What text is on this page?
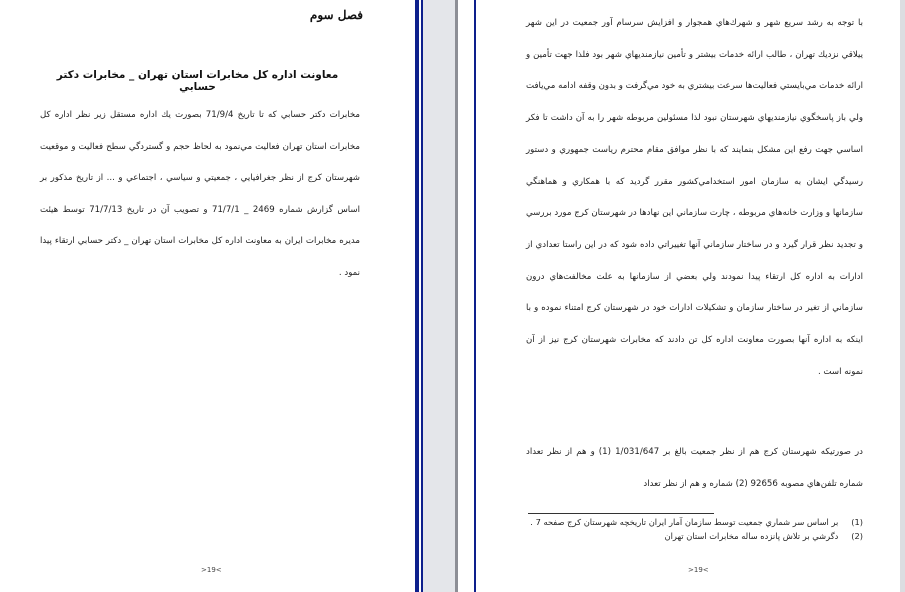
فصل سوم
معاونت اداره كل مخابرات استان تهران _ مخابرات دكتر حسابي
مخابرات دكتر حسابي كه تا تاريخ 71/9/4 بصورت يك اداره مستقل زير نظر اداره كل مخابرات استان تهران فعاليت مي‌نمود به لحاظ حجم و گستردگي سطح فعاليت و موقعيت شهرستان كرج از نظر جغرافيايي ، جمعيتي و سياسي ، اجتماعي و ... از تاريخ مذكور بر اساس گزارش شماره 2469 _ 71/7/1 و تصويب آن در تاريخ 71/7/13 توسط هيئت مديره مخابرات ايران به معاونت اداره كل مخابرات استان تهران _ دكتر حسابي ارتقاء پيدا نمود .
>19<
با توجه به رشد سريع شهر و شهرك‌هاي همجوار و افزايش سرسام آور جمعيت در اين شهر ييلاقي نزديك تهران ، طالب ارائه خدمات بيشتر و تأمين نيازمنديهاي شهر بود فلذا جهت تأمين و ارائه خدمات مي‌بايستي فعاليت‌ها سرعت بيشتري به خود مي‌گرفت و بدون وقفه ادامه مي‌يافت ولي باز پاسخگوي نيازمنديهاي شهرستان نبود لذا مسئولين مربوطه شهر را به آن داشت تا فكر اساسي جهت رفع اين مشكل بنمايند كه با نظر موافق مقام محترم رياست جمهوري و دستور رسيدگي ايشان به سازمان امور استخدامي‌كشور مقرر گرديد كه با همكاري و هماهنگي سازمانها و وزارت خانه‌هاي مربوطه ، چارت سازماني اين نهادها در شهرستان كرج مورد بررسي و تجديد نظر قرار گيرد و در ساختار سازماني آنها تغييراتي داده شود كه در اين راستا تعدادي از ادارات به اداره كل ارتقاء پيدا نمودند ولي بعضي از سازمانها به علت مخالفت‌هاي درون سازماني از تغير در ساختار سازمان و تشكيلات ادارات خود در شهرستان كرج امتناء نموده و با اينكه به اداره آنها بصورت معاونت اداره كل تن دادند كه مخابرات شهرستان كرج نيز از آن نمونه است .
در صورتيكه شهرستان كرج هم از نظر جمعيت بالغ بر 1/031/647 (1) و هم از نظر تعداد شماره تلفن‌هاي مصوبه 92656 (2) شماره و هم از نظر تعداد
(1) بر اساس سر شماري جمعيت توسط سازمان آمار ايران تاريخچه شهرستان كرج صفحه 7 .
(2) دگرشي بر تلاش پانزده ساله مخابرات استان تهران
>19<
